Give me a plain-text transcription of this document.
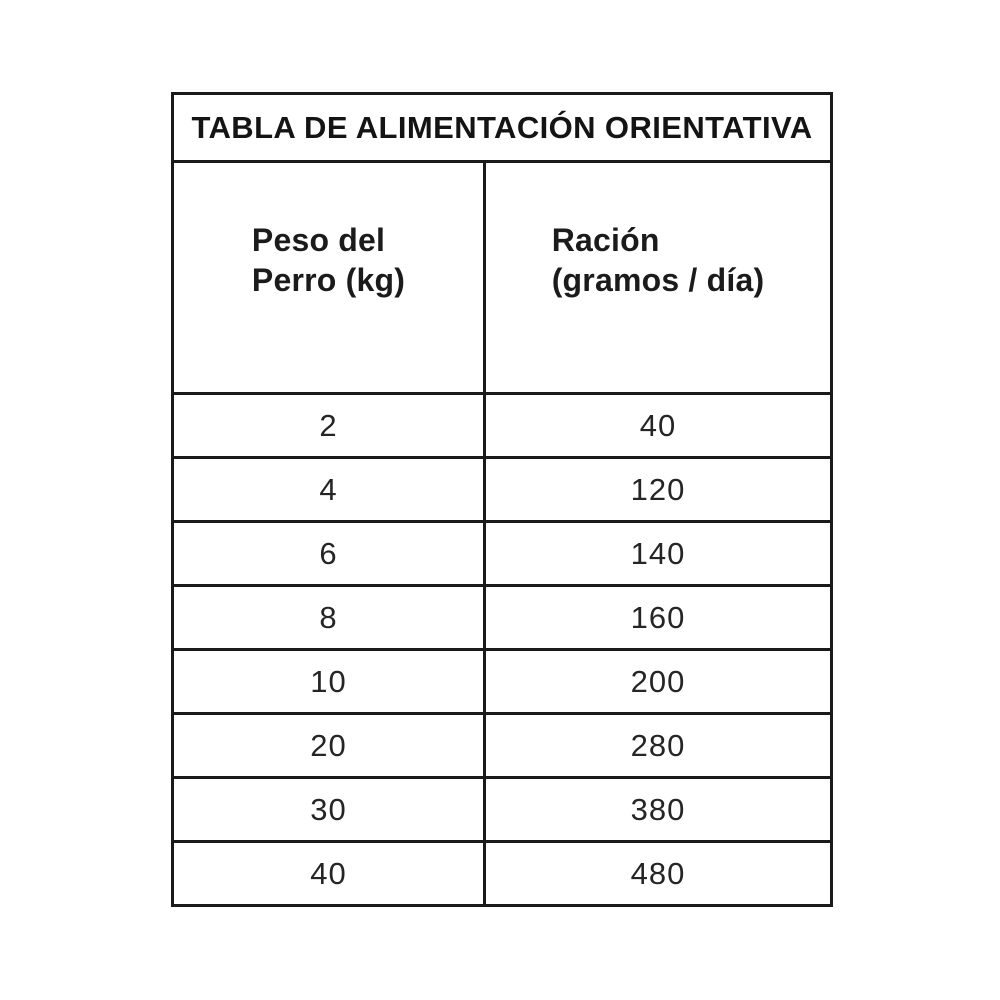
TABLA DE ALIMENTACIÓN ORIENTATIVA	

Peso del
Perro (kg)

Ración
(gramos / día)

2	40
4	120
6	140
8	160
10	200
20	280
30	380
40	480
